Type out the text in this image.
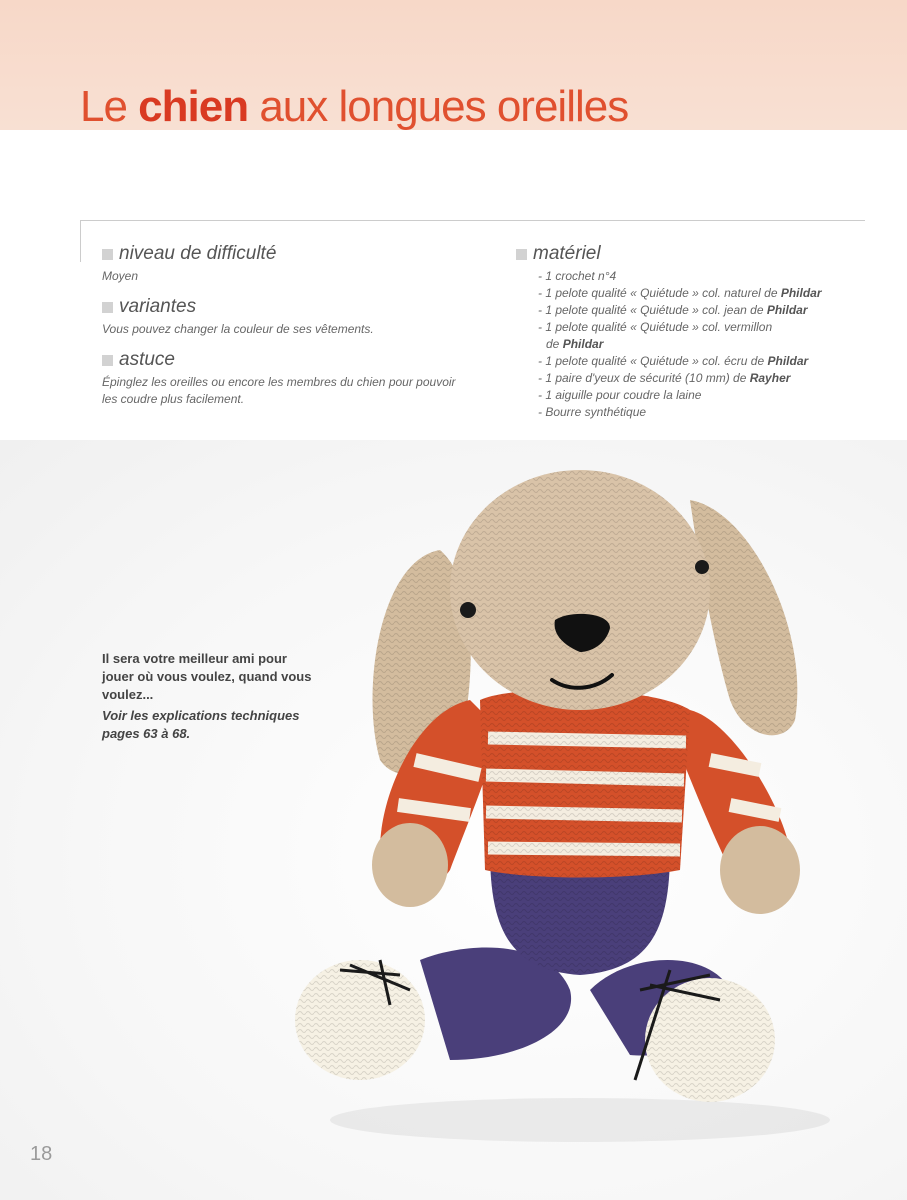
Le chien aux longues oreilles

niveau de difficulté

Moyen

variantes

Vous pouvez changer la couleur de ses vêtements.

astuce

Épinglez les oreilles ou encore les membres du chien pour pouvoir les coudre plus facilement.

matériel

- 1 crochet n°4
- 1 pelote qualité « Quiétude » col. naturel de Phildar
- 1 pelote qualité « Quiétude » col. jean de Phildar
- 1 pelote qualité « Quiétude » col. vermillon
de Phildar
- 1 pelote qualité « Quiétude » col. écru de Phildar
- 1 paire d'yeux de sécurité (10 mm) de Rayher
- 1 aiguille pour coudre la laine
- Bourre synthétique

Il sera votre meilleur ami pour jouer où vous voulez, quand vous voulez...

Voir les explications techniques pages 63 à 68.

18
